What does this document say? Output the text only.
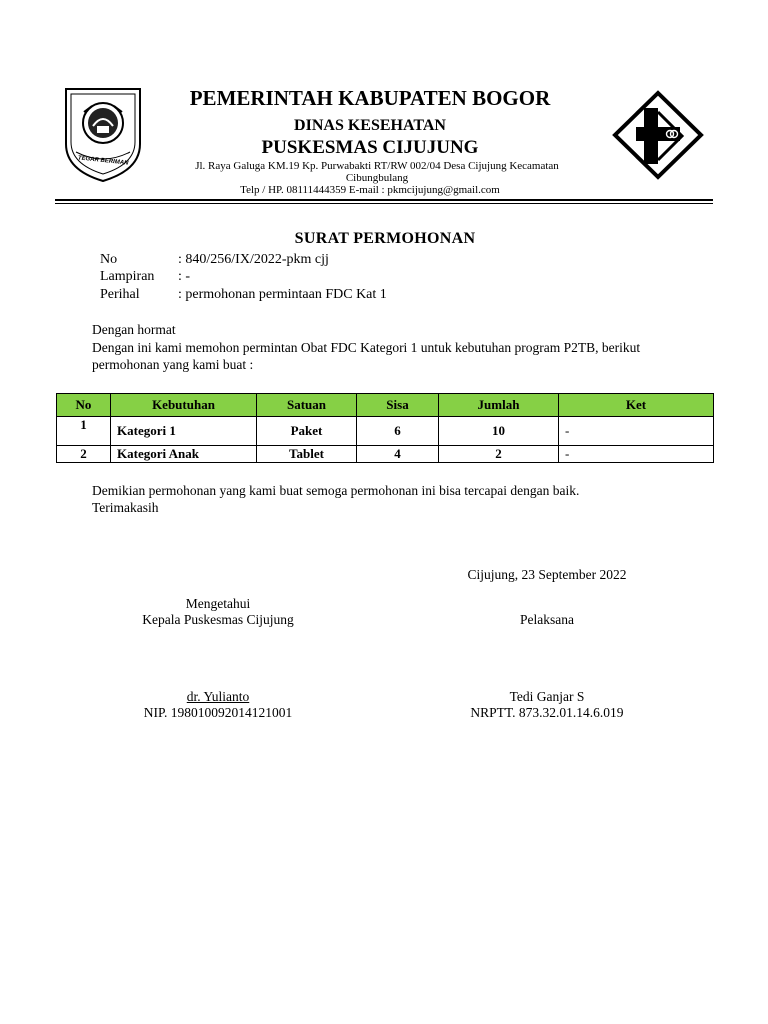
TEGAR BERIMAN
PEMERINTAH KABUPATEN BOGOR
DINAS KESEHATAN
PUSKESMAS CIJUJUNG
Jl. Raya Galuga KM.19 Kp. Purwabakti RT/RW 002/04 Desa Cijujung Kecamatan Cibungbulang
Telp / HP. 08111444359 E-mail : pkmcijujung@gmail.com
SURAT PERMOHONAN
No	: 840/256/IX/2022-pkm cjj
Lampiran : -
Perihal	: permohonan permintaan FDC Kat 1
Dengan hormat
Dengan ini kami memohon permintan Obat FDC Kategori 1 untuk kebutuhan program P2TB, berikut permohonan yang kami buat :
No	Kebutuhan	Satuan	Sisa	Jumlah	Ket
1	Kategori 1	Paket	6	10	-
2	Kategori Anak	Tablet	4	2	-
Demikian permohonan yang kami buat semoga permohonan ini bisa tercapai dengan baik.
Terimakasih
Cijujung, 23 September 2022
Mengetahui
Kepala Puskesmas Cijujung	Pelaksana
dr. Yulianto
NIP. 198010092014121001
Tedi Ganjar S
NRPTT. 873.32.01.14.6.019
